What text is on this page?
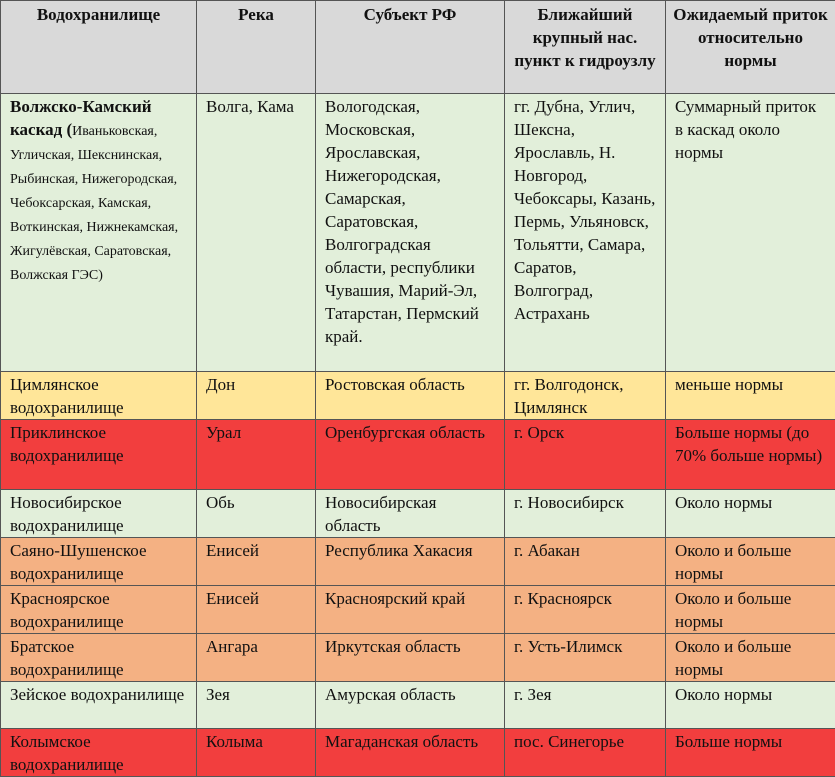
Водохранилище	Река	Субъект РФ	Ближайший крупный нас. пункт к гидроузлу	Ожидаемый приток относительно нормы
Волжско-Камский каскад (Иваньковская, Угличская, Шекснинская, Рыбинская, Нижегородская, Чебоксарская, Камская, Воткинская, Нижнекамская, Жигулёвская, Саратовская, Волжская ГЭС)	Волга, Кама	Вологодская, Московская, Ярославская, Нижегородская, Самарская, Саратовская, Волгоградская области, республики Чувашия, Марий-Эл, Татарстан, Пермский край.	гг. Дубна, Углич, Шексна, Ярославль, Н. Новгород, Чебоксары, Казань, Пермь, Ульяновск, Тольятти, Самара, Саратов, Волгоград, Астрахань	Суммарный приток в каскад около нормы
Цимлянское водохранилище	Дон	Ростовская область	гг. Волгодонск, Цимлянск	меньше нормы
Приклинское водохранилище	Урал	Оренбургская область	г. Орск	Больше нормы (до 70% больше нормы)
Новосибирское водохранилище	Обь	Новосибирская область	г. Новосибирск	Около нормы
Саяно-Шушенское водохранилище	Енисей	Республика Хакасия	г. Абакан	Около и больше нормы
Красноярское водохранилище	Енисей	Красноярский край	г. Красноярск	Около и больше нормы
Братское водохранилище	Ангара	Иркутская область	г. Усть-Илимск	Около и больше нормы
Зейское водохранилище	Зея	Амурская область	г. Зея	Около нормы
Колымское водохранилище	Колыма	Магаданская область	пос. Синегорье	Больше нормы
